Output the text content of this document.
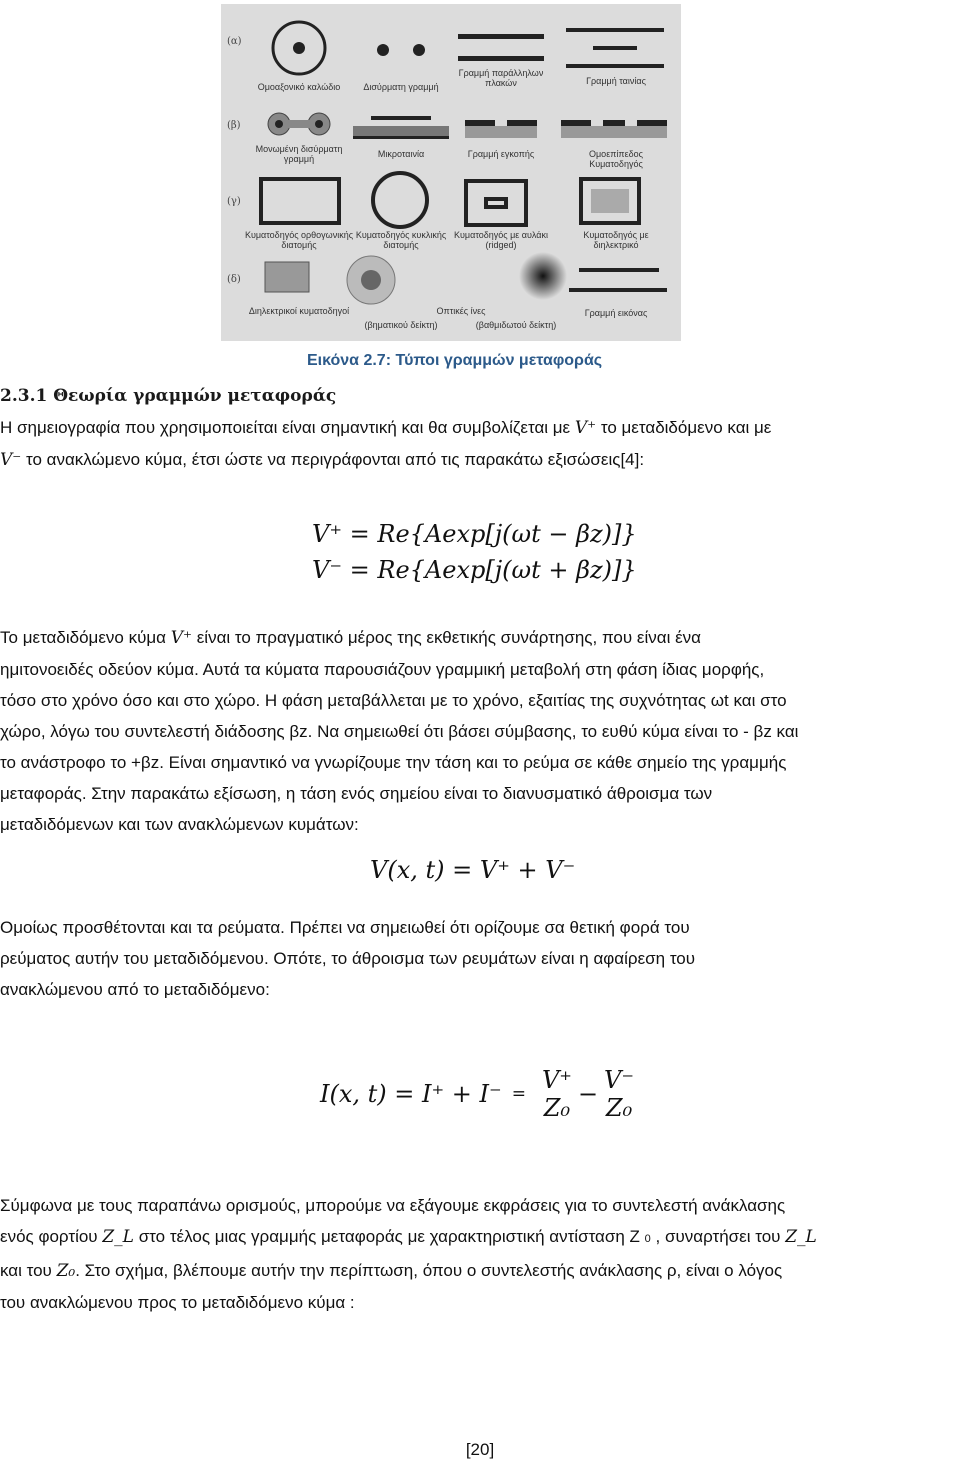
(α)
(β)
(γ)
(δ)
Ομοαξονικό καλώδιο	Δισύρματη γραμμή
Γραμμή παράλληλων πλακών	Γραμμή ταινίας
Μονωμένη δισύρματη γραμμή	Μικροταινία	Γραμμή εγκοπής	Ομοεπίπεδος Κυματοδηγός
Κυματοδηγός ορθογωνικής διατομής
Κυματοδηγός κυκλικής διατομής
Κυματοδηγός με αυλάκι (ridged)
Κυματοδηγός με διηλεκτρικό
Διηλεκτρικοί κυματοδηγοί	Οπτικές ίνες
(βηματικού δείκτη)	(βαθμιδωτού δείκτη)
Γραμμή εικόνας
Εικόνα 2.7: Τύποι γραμμών μεταφοράς
2.3.1 Θεωρία γραμμών μεταφοράς
Η σημειογραφία που χρησιμοποιείται είναι σημαντική και θα συμβολίζεται με V⁺ το μεταδιδόμενο και με
V⁻ το ανακλώμενο κύμα, έτσι ώστε να περιγράφονται από τις παρακάτω εξισώσεις[4]:
V⁺ = Re{Aexp[j(ωt − βz)]}
V⁻ = Re{Aexp[j(ωt + βz)]}
Το μεταδιδόμενο κύμα V⁺ είναι το πραγματικό μέρος της εκθετικής συνάρτησης, που είναι ένα
ημιτονοειδές οδεύον κύμα. Αυτά τα κύματα παρουσιάζουν γραμμική μεταβολή στη φάση ίδιας μορφής,
τόσο στο χρόνο όσο και στο χώρο. Η φάση μεταβάλλεται με το χρόνο, εξαιτίας της συχνότητας ωt και στο
χώρο, λόγω του συντελεστή διάδοσης βz. Να σημειωθεί ότι βάσει σύμβασης, το ευθύ κύμα είναι το - βz και
το ανάστροφο το +βz. Είναι σημαντικό να γνωρίζουμε την τάση και το ρεύμα σε κάθε σημείο της γραμμής
μεταφοράς. Στην παρακάτω εξίσωση, η τάση ενός σημείου είναι το διανυσματικό άθροισμα των
μεταδιδόμενων και των ανακλώμενων κυμάτων:
V(x, t) = V⁺ + V⁻
Ομοίως προσθέτονται και τα ρεύματα. Πρέπει να σημειωθεί ότι ορίζουμε σα θετική φορά του
ρεύματος αυτήν του μεταδιδόμενου. Οπότε, το άθροισμα των ρευμάτων είναι η αφαίρεση του
ανακλώμενου από το μεταδιδόμενο:
I(x, t) = I⁺ + I⁻ = V⁺
Z₀ − V⁻
Z₀
Σύμφωνα με τους παραπάνω ορισμούς, μπορούμε να εξάγουμε εκφράσεις για το συντελεστή ανάκλασης
ενός φορτίου Z_L στο τέλος μιας γραμμής μεταφοράς με χαρακτηριστική αντίσταση Z 0 , συναρτήσει του Z_L
και του Z₀. Στο σχήμα, βλέπουμε αυτήν την περίπτωση, όπου ο συντελεστής ανάκλασης ρ, είναι ο λόγος
του ανακλώμενου προς το μεταδιδόμενο κύμα :
[20]
